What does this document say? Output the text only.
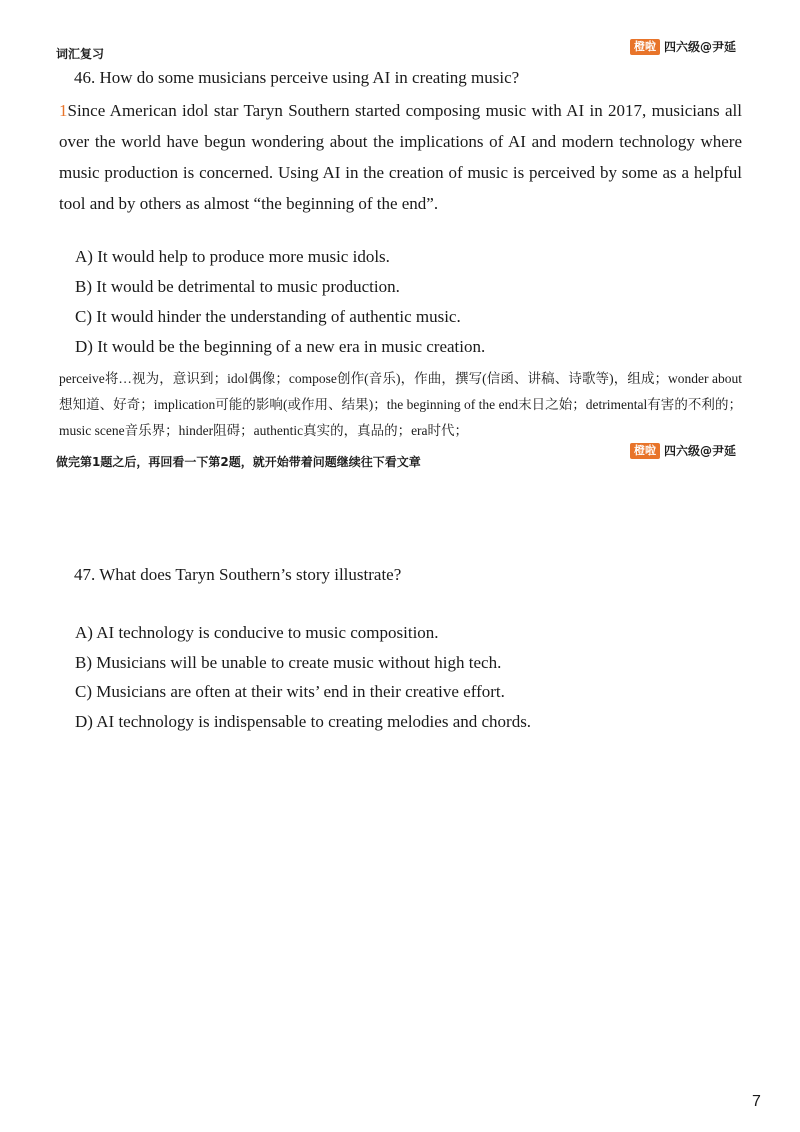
词汇复习
橙啦 四六级@尹延
46. How do some musicians perceive using AI in creating music?
1Since American idol star Taryn Southern started composing music with AI in 2017, musicians all over the world have begun wondering about the implications of AI and modern technology where music production is concerned. Using AI in the creation of music is perceived by some as a helpful tool and by others as almost “the beginning of the end”.
A) It would help to produce more music idols.
B) It would be detrimental to music production.
C) It would hinder the understanding of authentic music.
D) It would be the beginning of a new era in music creation.
perceive将…视为，意识到；idol偶像；compose创作(音乐)，作曲，撰写(信函、讲稿、诗歌等)，组成；wonder about想知道、好奇；implication可能的影响(或作用、结果)；the beginning of the end末日之始；detrimental有害的不利的；music scene音乐界；hinder阻碍；authentic真实的，真品的；era时代；
做完第1题之后，再回看一下第2题，就开始带着问题继续往下看文章
橙啦 四六级@尹延
47. What does Taryn Southern’s story illustrate?
A) AI technology is conducive to music composition.
B) Musicians will be unable to create music without high tech.
C) Musicians are often at their wits’ end in their creative effort.
D) AI technology is indispensable to creating melodies and chords.
7
